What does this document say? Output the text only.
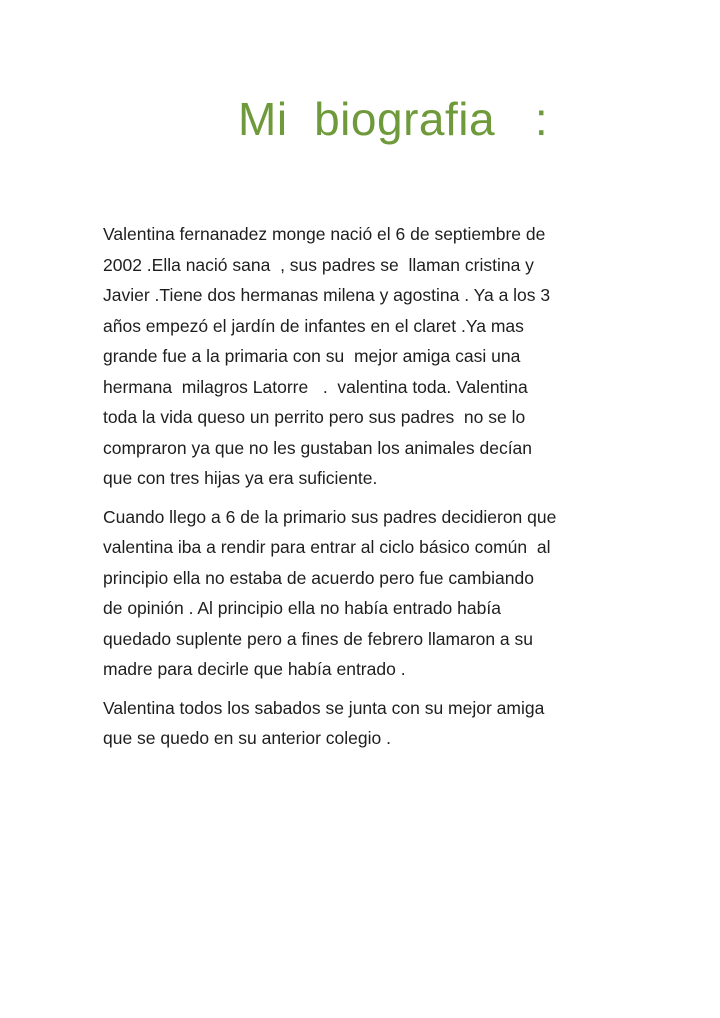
Mi  biografia   :

Valentina fernanadez monge nació el 6 de septiembre de
2002 .Ella nació sana  , sus padres se  llaman cristina y
Javier .Tiene dos hermanas milena y agostina . Ya a los 3
años empezó el jardín de infantes en el claret .Ya mas
grande fue a la primaria con su  mejor amiga casi una
hermana  milagros Latorre   .  valentina toda. Valentina
toda la vida queso un perrito pero sus padres  no se lo
compraron ya que no les gustaban los animales decían
que con tres hijas ya era suficiente.

Cuando llego a 6 de la primario sus padres decidieron que
valentina iba a rendir para entrar al ciclo básico común  al
principio ella no estaba de acuerdo pero fue cambiando
de opinión . Al principio ella no había entrado había
quedado suplente pero a fines de febrero llamaron a su
madre para decirle que había entrado .

Valentina todos los sabados se junta con su mejor amiga
que se quedo en su anterior colegio .
